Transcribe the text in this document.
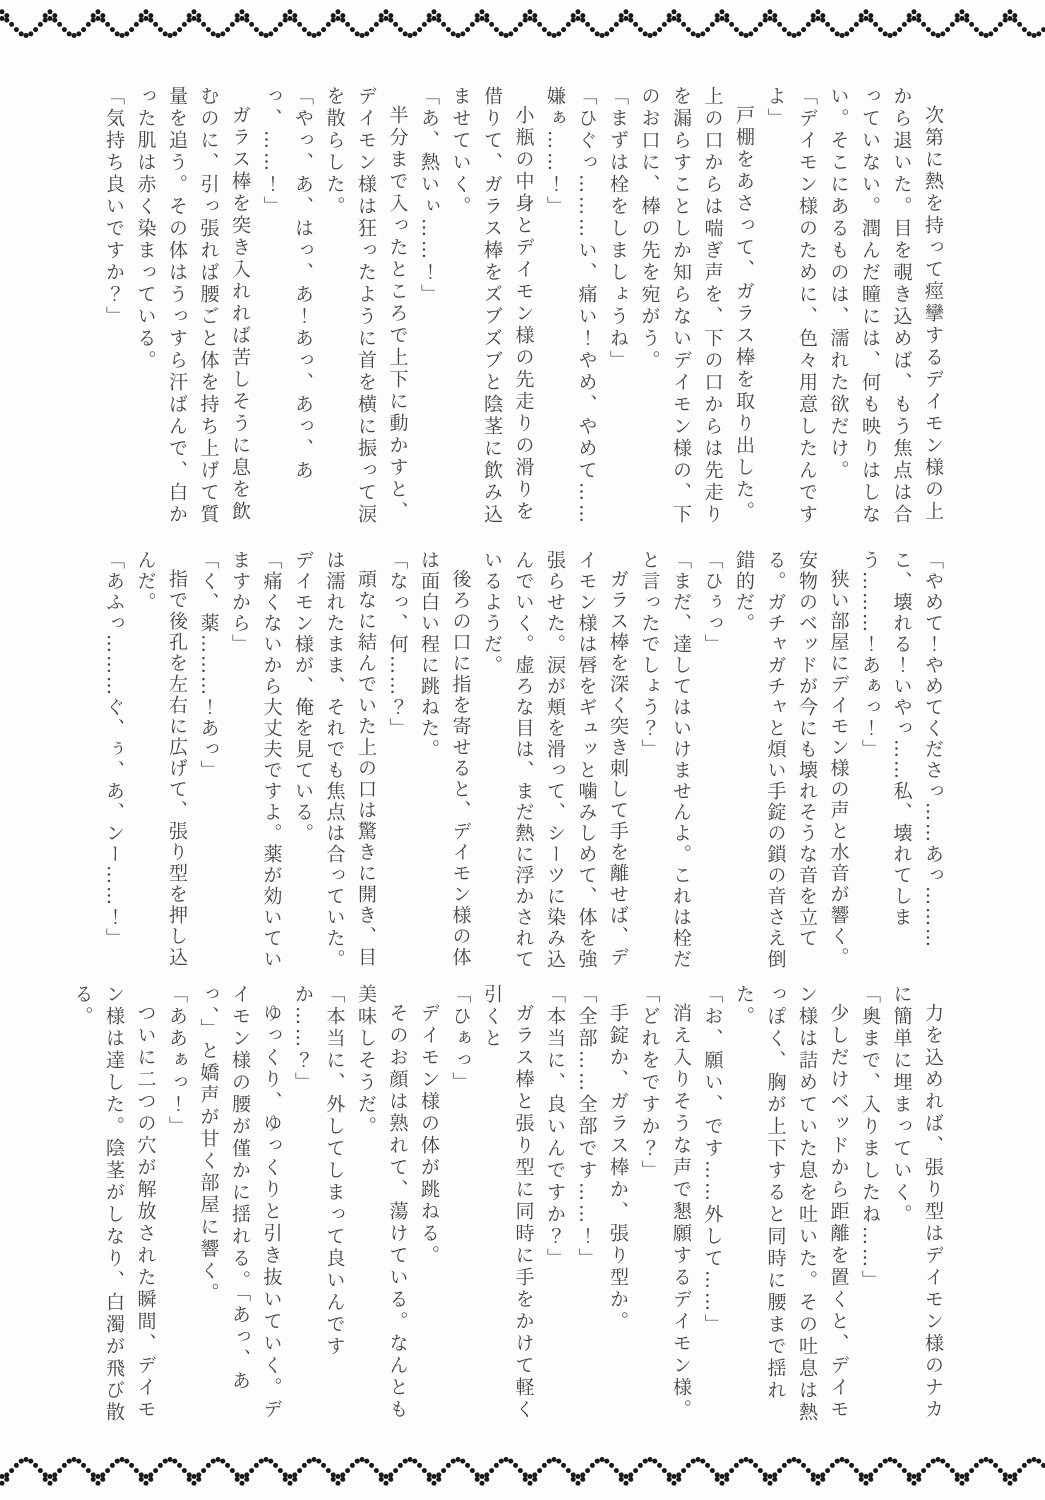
次第に熱を持って痙攣するデイモン様の上から退いた。目を覗き込めば、もう焦点は合っていない。潤んだ瞳には、何も映りはしない。そこにあるものは、濡れた欲だけ。

「デイモン様のために、色々用意したんですよ」

戸棚をあさって、ガラス棒を取り出した。上の口からは喘ぎ声を、下の口からは先走りを漏らすことしか知らないデイモン様の、下のお口に、棒の先を宛がう。

「まずは栓をしましょうね」

「ひぐっ………い、痛い！やめ、やめて……嫌ぁ……！」

小瓶の中身とデイモン様の先走りの滑りを借りて、ガラス棒をズブズブと陰茎に飲み込ませていく。

「あ、熱いぃ……！」

半分まで入ったところで上下に動かすと、デイモン様は狂ったように首を横に振って涙を散らした。

「やっ、あ、はっ、あ！あっ、あっ、あっ、……！」

ガラス棒を突き入れれば苦しそうに息を飲むのに、引っ張れば腰ごと体を持ち上げて質量を追う。その体はうっすら汗ばんで、白かった肌は赤く染まっている。

「気持ち良いですか？」

「やめて！やめてくださっ……あっ………こ、壊れる！いやっ……私、壊れてしまう………！あぁっ！」

狭い部屋にデイモン様の声と水音が響く。安物のベッドが今にも壊れそうな音を立てる。ガチャガチャと煩い手錠の鎖の音さえ倒錯的だ。

「ひぅっ」

「まだ、達してはいけませんよ。これは栓だと言ったでしょう？」

ガラス棒を深く突き刺して手を離せば、デイモン様は唇をギュッと噛みしめて、体を強張らせた。涙が頬を滑って、シーツに染み込んでいく。虚ろな目は、まだ熱に浮かされているようだ。

後ろの口に指を寄せると、デイモン様の体は面白い程に跳ねた。

「なっ、何……？」

頑なに結んでいた上の口は驚きに開き、目は濡れたまま、それでも焦点は合っていた。デイモン様が、俺を見ている。

「痛くないから大丈夫ですよ。薬が効いていますから」

「く、薬………！あっ」

指で後孔を左右に広げて、張り型を押し込んだ。

「あふっ………ぐ、ぅ、あ、ンー……！」

力を込めれば、張り型はデイモン様のナカに簡単に埋まっていく。

「奥まで、入りましたね……」

少しだけベッドから距離を置くと、デイモン様は詰めていた息を吐いた。その吐息は熱っぽく、胸が上下すると同時に腰まで揺れた。

「お、願い、です……外して……」

消え入りそうな声で懇願するデイモン様。

「どれをですか？」

手錠か、ガラス棒か、張り型か。

「全部……全部です……！」

「本当に、良いんですか？」

ガラス棒と張り型に同時に手をかけて軽く引くと

「ひぁっ」

デイモン様の体が跳ねる。

そのお顔は熟れて、蕩けている。なんとも美味しそうだ。

「本当に、外してしまって良いんですか……？」

ゆっくり、ゆっくりと引き抜いていく。デイモン様の腰が僅かに揺れる。「あっ、あっ、」と嬌声が甘く部屋に響く。

「ああぁっ！」

ついに二つの穴が解放された瞬間、デイモン様は達した。陰茎がしなり、白濁が飛び散る。
